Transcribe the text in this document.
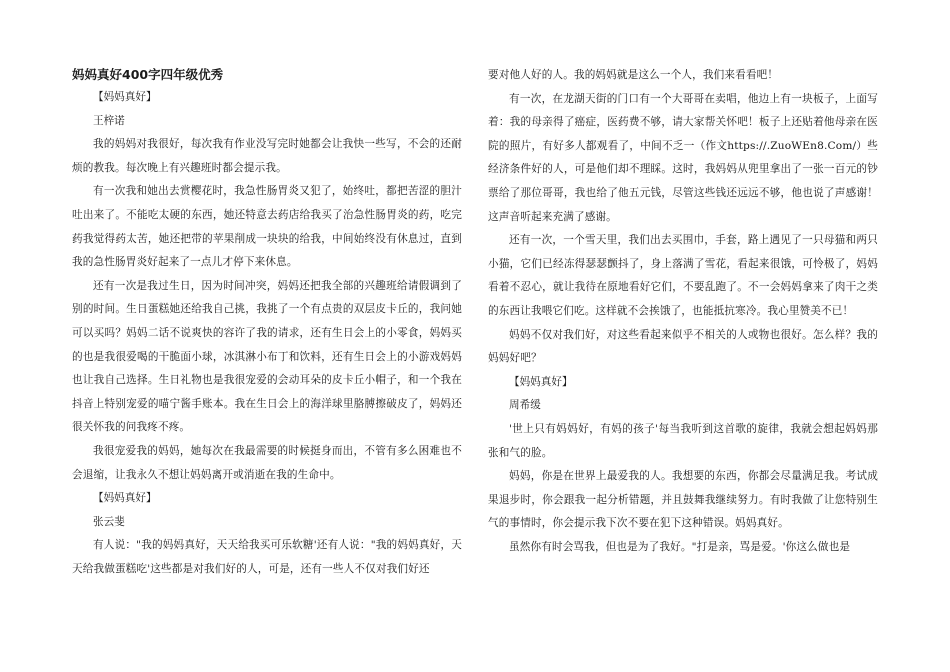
妈妈真好400字四年级优秀

【妈妈真好】

王梓诺

我的妈妈对我很好，每次我有作业没写完时她都会让我快一些写，不会的还耐烦的教我。每次晚上有兴趣班时都会提示我。

有一次我和她出去赏樱花时，我急性肠胃炎又犯了，始终吐，都把苦涩的胆汁吐出来了。不能吃太硬的东西，她还特意去药店给我买了治急性肠胃炎的药，吃完药我觉得药太苦，她还把带的苹果削成一块块的给我，中间始终没有休息过，直到我的急性肠胃炎好起来了一点儿才停下来休息。

还有一次是我过生日，因为时间冲突，妈妈还把我全部的兴趣班给请假调到了别的时间。生日蛋糕她还给我自己挑，我挑了一个有点贵的双层皮卡丘的，我问她可以买吗？妈妈二话不说爽快的容许了我的请求，还有生日会上的小零食，妈妈买的也是我很爱喝的干脆面小球，冰淇淋小布丁和饮料，还有生日会上的小游戏妈妈也让我自己选择。生日礼物也是我很宠爱的会动耳朵的皮卡丘小帽子，和一个我在抖音上特别宠爱的喵宁酱手账本。我在生日会上的海洋球里胳膊擦破皮了，妈妈还很关怀我的问我疼不疼。

我很宠爱我的妈妈，她每次在我最需要的时候挺身而出，不管有多么困难也不会退缩，让我永久不想让妈妈离开或消逝在我的生命中。

【妈妈真好】

张云斐

有人说："我的妈妈真好，天天给我买可乐软糖'还有人说："我的妈妈真好，天天给我做蛋糕吃'这些都是对我们好的人，可是，还有一些人不仅对我们好还

要对他人好的人。我的妈妈就是这么一个人，我们来看看吧！

有一次，在龙湖天街的门口有一个大哥哥在卖唱，他边上有一块板子，上面写着：我的母亲得了癌症，医药费不够，请大家帮关怀吧！板子上还贴着他母亲在医院的照片，有好多人都观看了，中间不乏一（作文https://.ZuoWEn8.Com/）些经济条件好的人，可是他们却不理睬。这时，我妈妈从兜里拿出了一张一百元的钞票给了那位哥哥，我也给了他五元钱，尽管这些钱还远远不够，他也说了声感谢！这声音听起来充满了感谢。

还有一次，一个雪天里，我们出去买围巾，手套，路上遇见了一只母猫和两只小猫，它们已经冻得瑟瑟颤抖了，身上落满了雪花，看起来很饿，可怜极了，妈妈看着不忍心，就让我待在原地看好它们，不要乱跑了。不一会妈妈拿来了肉干之类的东西让我喂它们吃。这样就不会挨饿了，也能抵抗寒冷。我心里赞美不已！

妈妈不仅对我们好，对这些看起来似乎不相关的人或物也很好。怎么样？我的妈妈好吧？

【妈妈真好】

周希缓

'世上只有妈妈好，有妈的孩子'每当我听到这首歌的旋律，我就会想起妈妈那张和气的脸。

妈妈，你是在世界上最爱我的人。我想要的东西，你都会尽量满足我。考试成果退步时，你会跟我一起分析错题，并且鼓舞我继续努力。有时我做了让您特别生气的事情时，你会提示我下次不要在犯下这种错误。妈妈真好。

虽然你有时会骂我，但也是为了我好。"打是亲，骂是爱。'你这么做也是
